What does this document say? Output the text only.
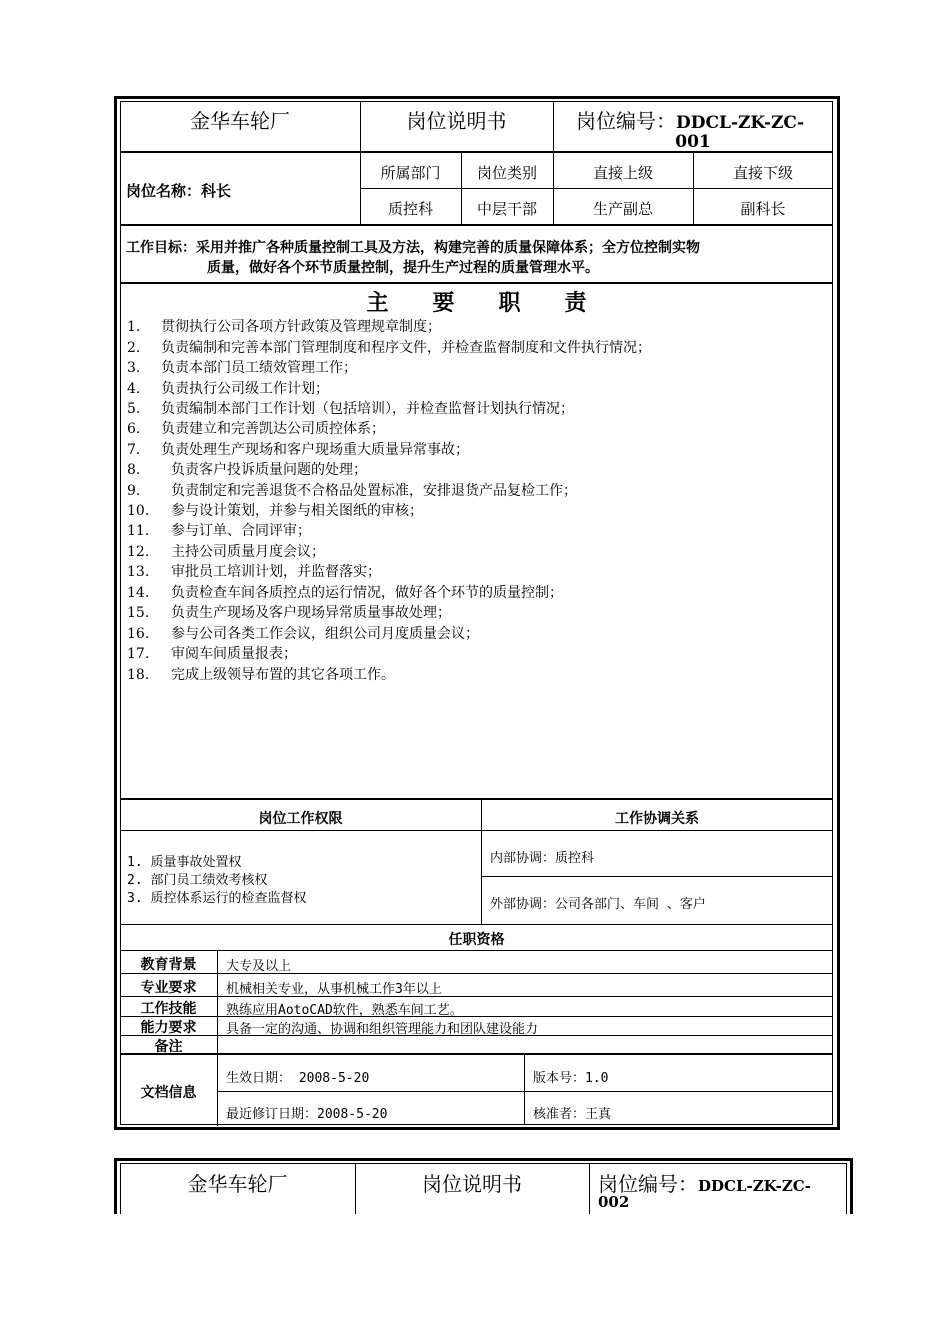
金华车轮厂	岗位说明书	岗位编号：DDCL-ZK-ZC-
001
岗位名称：科长
所属部门	岗位类别	直接上级	直接下级
质控科	中层干部	生产副总	副科长
工作目标：采用并推广各种质量控制工具及方法，构建完善的质量保障体系；全方位控制实物
质量，做好各个环节质量控制，提升生产过程的质量管理水平。
主　　要　　职　　责
1. 贯彻执行公司各项方针政策及管理规章制度；
2. 负责编制和完善本部门管理制度和程序文件，并检查监督制度和文件执行情况；
3. 负责本部门员工绩效管理工作；
4. 负责执行公司级工作计划；
5. 负责编制本部门工作计划（包括培训），并检查监督计划执行情况；
6. 负责建立和完善凯达公司质控体系；
7. 负责处理生产现场和客户现场重大质量异常事故；
8. 负责客户投诉质量问题的处理；
9. 负责制定和完善退货不合格品处置标准，安排退货产品复检工作；
10. 参与设计策划，并参与相关图纸的审核；
11. 参与订单、合同评审；
12. 主持公司质量月度会议；
13. 审批员工培训计划，并监督落实；
14. 负责检查车间各质控点的运行情况，做好各个环节的质量控制；
15. 负责生产现场及客户现场异常质量事故处理；
16. 参与公司各类工作会议，组织公司月度质量会议；
17. 审阅车间质量报表；
18. 完成上级领导布置的其它各项工作。
岗位工作权限	工作协调关系
1. 质量事故处置权
2. 部门员工绩效考核权
3. 质控体系运行的检查监督权
内部协调：质控科
外部协调：公司各部门、车间 、客户
任职资格
教育背景	大专及以上
专业要求	机械相关专业，从事机械工作3年以上
工作技能	熟练应用AotoCAD软件，熟悉车间工艺。
能力要求	具备一定的沟通、协调和组织管理能力和团队建设能力
备注
文档信息
生效日期： 2008-5-20	版本号：1.0
最近修订日期：2008-5-20	核准者：王真
金华车轮厂	岗位说明书	岗位编号：DDCL-ZK-ZC-
002
